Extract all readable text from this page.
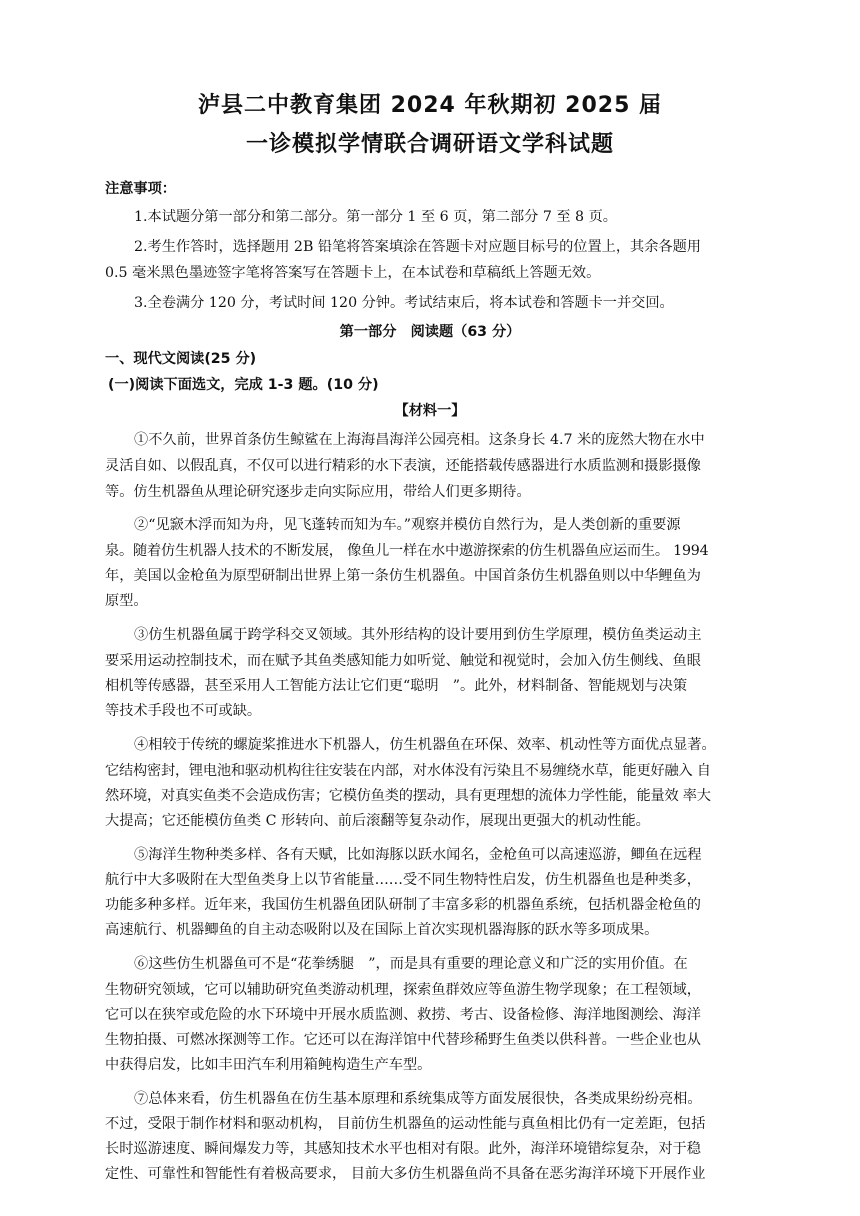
泸县二中教育集团 2024 年秋期初 2025 届
一诊模拟学情联合调研语文学科试题
注意事项：
1.本试题分第一部分和第二部分。第一部分 1 至 6 页，第二部分 7 至 8 页。
2.考生作答时，选择题用 2B 铅笔将答案填涂在答题卡对应题目标号的位置上，其余各题用
0.5 毫米黑色墨迹签字笔将答案写在答题卡上，在本试卷和草稿纸上答题无效。
3.全卷满分 120 分，考试时间 120 分钟。考试结束后，将本试卷和答题卡一并交回。
第一部分　阅读题（63 分）
一、现代文阅读(25 分)
(一)阅读下面选文，完成 1-3 题。(10 分)
【材料一】
①不久前，世界首条仿生鲸鲨在上海海昌海洋公园亮相。这条身长 4.7 米的庞然大物在水中
灵活自如、以假乱真，不仅可以进行精彩的水下表演，还能搭载传感器进行水质监测和摄影摄像
等。仿生机器鱼从理论研究逐步走向实际应用，带给人们更多期待。
②“见窾木浮而知为舟，见飞蓬转而知为车。”观察并模仿自然行为，是人类创新的重要源
泉。随着仿生机器人技术的不断发展， 像鱼儿一样在水中遨游探索的仿生机器鱼应运而生。 1994
年，美国以金枪鱼为原型研制出世界上第一条仿生机器鱼。中国首条仿生机器鱼则以中华鲤鱼为
原型。
③仿生机器鱼属于跨学科交叉领域。其外形结构的设计要用到仿生学原理，模仿鱼类运动主
要采用运动控制技术，而在赋予其鱼类感知能力如听觉、触觉和视觉时，会加入仿生侧线、鱼眼
相机等传感器，甚至采用人工智能方法让它们更“聪明　”。此外，材料制备、智能规划与决策
等技术手段也不可或缺。
④相较于传统的螺旋桨推进水下机器人，仿生机器鱼在环保、效率、机动性等方面优点显著。
它结构密封，锂电池和驱动机构往往安装在内部，对水体没有污染且不易缠绕水草，能更好融入 自
然环境，对真实鱼类不会造成伤害；它模仿鱼类的摆动，具有更理想的流体力学性能，能量效 率大
大提高；它还能模仿鱼类 C 形转向、前后滚翻等复杂动作，展现出更强大的机动性能。
⑤海洋生物种类多样、各有天赋，比如海豚以跃水闻名，金枪鱼可以高速巡游，鲫鱼在远程
航行中大多吸附在大型鱼类身上以节省能量……受不同生物特性启发，仿生机器鱼也是种类多，
功能多种多样。近年来，我国仿生机器鱼团队研制了丰富多彩的机器鱼系统，包括机器金枪鱼的
高速航行、机器鲫鱼的自主动态吸附以及在国际上首次实现机器海豚的跃水等多项成果。
⑥这些仿生机器鱼可不是“花拳绣腿　”，而是具有重要的理论意义和广泛的实用价值。在
生物研究领域，它可以辅助研究鱼类游动机理，探索鱼群效应等鱼游生物学现象；在工程领域，
它可以在狭窄或危险的水下环境中开展水质监测、救捞、考古、设备检修、海洋地图测绘、海洋
生物拍摄、可燃冰探测等工作。它还可以在海洋馆中代替珍稀野生鱼类以供科普。一些企业也从
中获得启发，比如丰田汽车利用箱鲀构造生产车型。
⑦总体来看，仿生机器鱼在仿生基本原理和系统集成等方面发展很快，各类成果纷纷亮相。
不过，受限于制作材料和驱动机构， 目前仿生机器鱼的运动性能与真鱼相比仍有一定差距，包括
长时巡游速度、瞬间爆发力等，其感知技术水平也相对有限。此外，海洋环境错综复杂，对于稳
定性、可靠性和智能性有着极高要求， 目前大多仿生机器鱼尚不具备在恶劣海洋环境下开展作业
